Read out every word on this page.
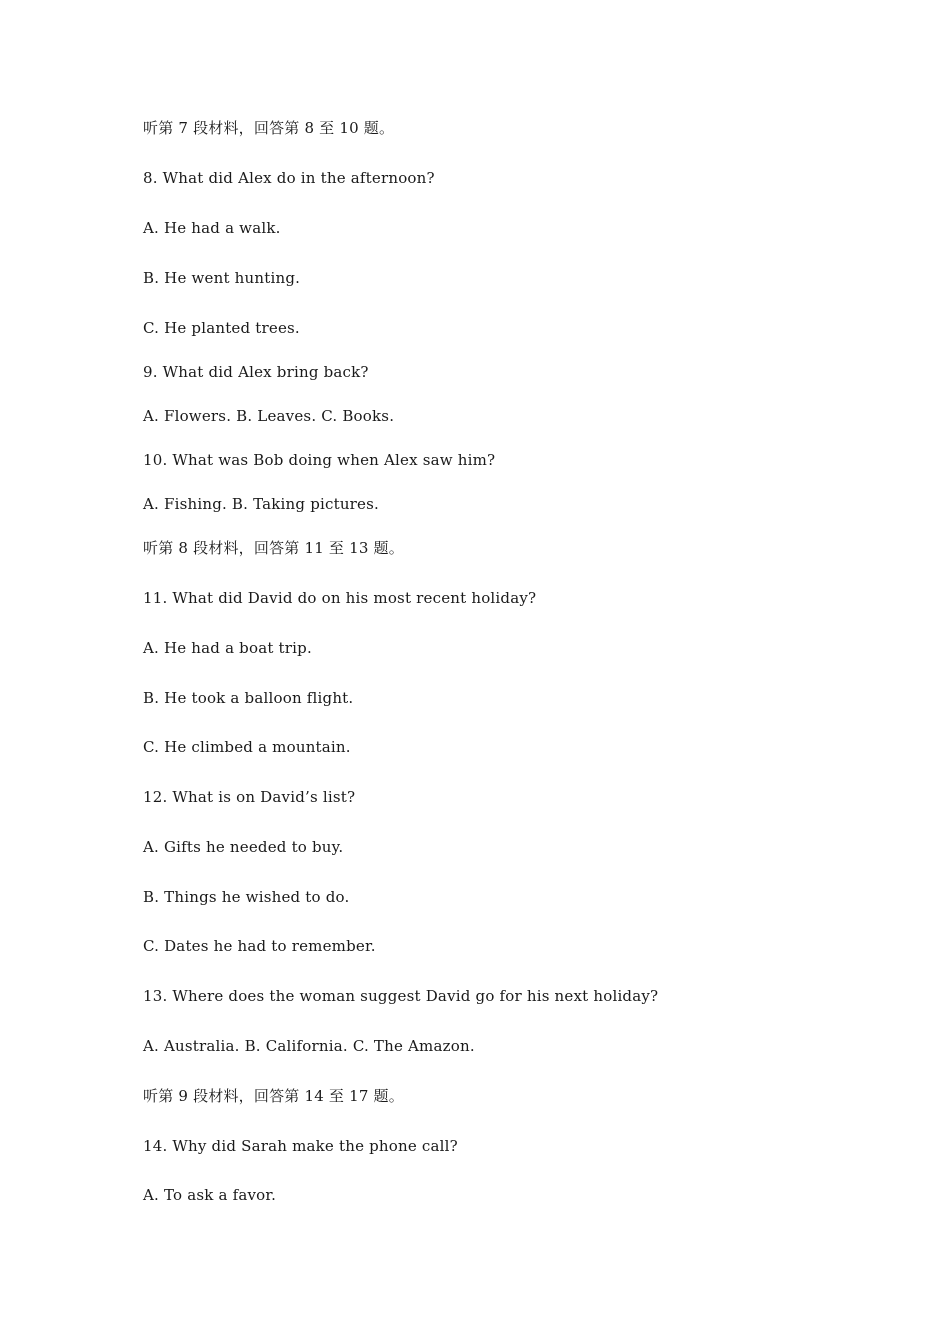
听第 7 段材料，回答第 8 至 10 题。

8. What did Alex do in the afternoon?

A. He had a walk.

B. He went hunting.

C. He planted trees.

9. What did Alex bring back?

A. Flowers. B. Leaves. C. Books.

10. What was Bob doing when Alex saw him?

A. Fishing. B. Taking pictures.

听第 8 段材料，回答第 11 至 13 题。

11. What did David do on his most recent holiday?

A. He had a boat trip.

B. He took a balloon flight.

C. He climbed a mountain.

12. What is on David’s list?

A. Gifts he needed to buy.

B. Things he wished to do.

C. Dates he had to remember.

13. Where does the woman suggest David go for his next holiday?

A. Australia. B. California. C. The Amazon.

听第 9 段材料，回答第 14 至 17 题。

14. Why did Sarah make the phone call?

A. To ask a favor.
